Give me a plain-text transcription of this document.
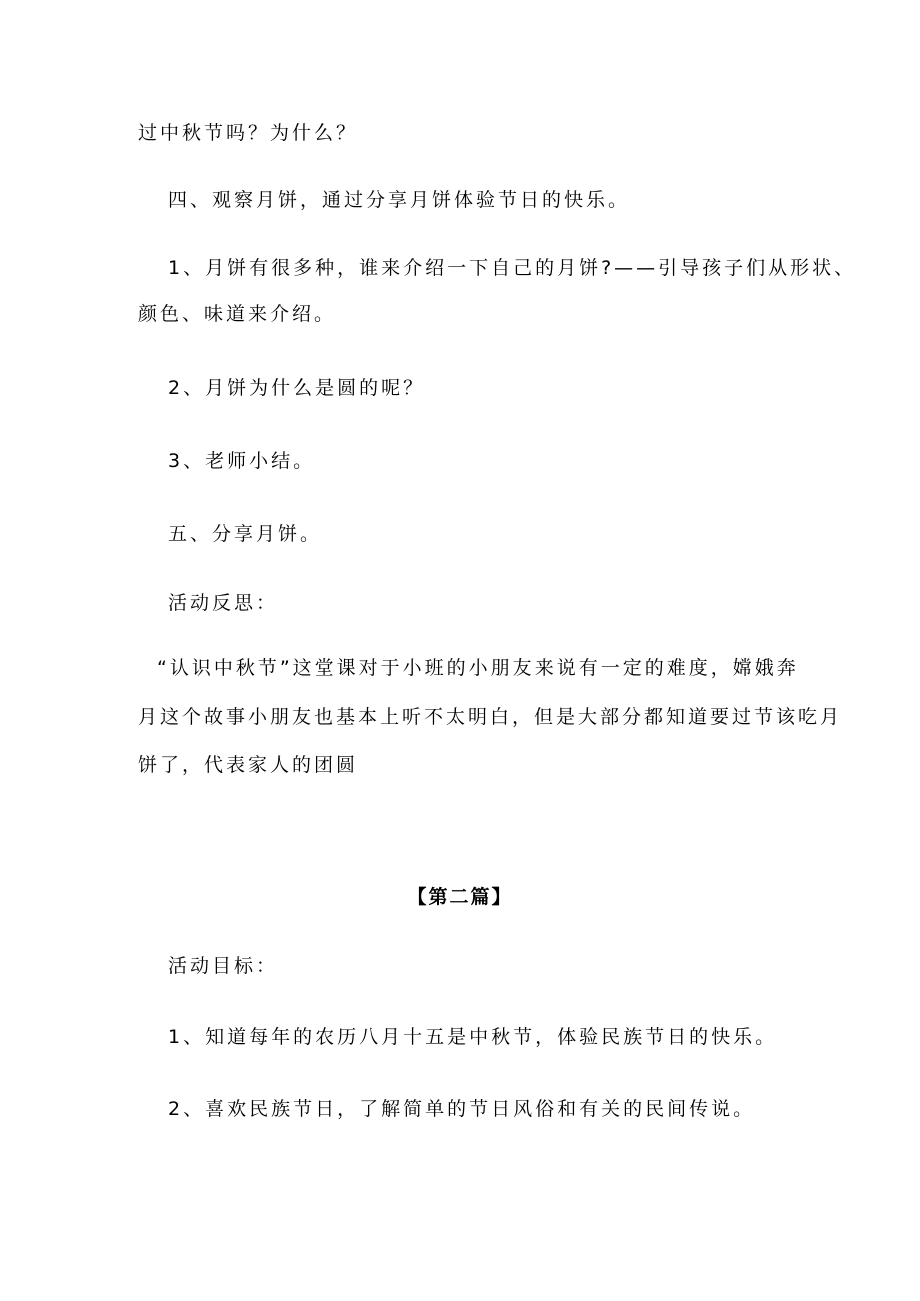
过中秋节吗？为什么？
四、观察月饼，通过分享月饼体验节日的快乐。
1、月饼有很多种，谁来介绍一下自己的月饼?——引导孩子们从形状、
颜色、味道来介绍。
2、月饼为什么是圆的呢？
3、老师小结。
五、分享月饼。
活动反思：
“认识中秋节”这堂课对于小班的小朋友来说有一定的难度，嫦娥奔
月这个故事小朋友也基本上听不太明白，但是大部分都知道要过节该吃月
饼了，代表家人的团圆
【第二篇】
活动目标：
1、知道每年的农历八月十五是中秋节，体验民族节日的快乐。
2、喜欢民族节日，了解简单的节日风俗和有关的民间传说。
